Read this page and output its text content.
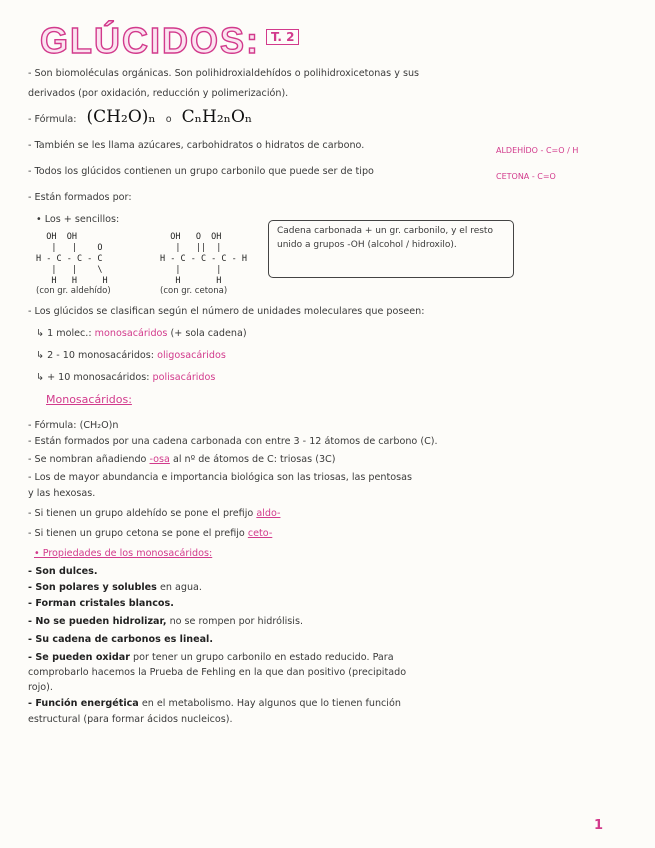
GLÚCIDOS: T. 2
- Son biomoléculas orgánicas. Son polihidroxialdehídos o polihidroxicetonas y sus
derivados (por oxidación, reducción y polimerización).
- Fórmula: (CH₂O)ₙ o CₙH₂ₙOₙ
- También se les llama azúcares, carbohidratos o hidratos de carbono.
- Todos los glúcidos contienen un grupo carbonilo que puede ser de tipo
ALDEHÍDO - C=O / H
CETONA - C=O
- Están formados por:
• Los + sencillos:
OH  OH
|   |    O
H - C - C - C
|   |    \
H   H     H
OH   O  OH
|   ||  |
H - C - C - C - H
|       |
H       H
(con gr. aldehído)	(con gr. cetona)
Cadena carbonada + un gr. carbonilo, y el resto unido a grupos -OH (alcohol / hidroxilo).
- Los glúcidos se clasifican según el número de unidades moleculares que poseen:
↳ 1 molec.: monosacáridos (+ sola cadena)
↳ 2 - 10 monosacáridos: oligosacáridos
↳ + 10 monosacáridos: polisacáridos
Monosacáridos:
- Fórmula: (CH₂O)n
- Están formados por una cadena carbonada con entre 3 - 12 átomos de carbono (C).
- Se nombran añadiendo -osa al nº de átomos de C: triosas (3C)
- Los de mayor abundancia e importancia biológica son las triosas, las pentosas
y las hexosas.
- Si tienen un grupo aldehído se pone el prefijo aldo-
- Si tienen un grupo cetona se pone el prefijo ceto-
• Propiedades de los monosacáridos:
- Son dulces.
- Son polares y solubles en agua.
- Forman cristales blancos.
- No se pueden hidrolizar, no se rompen por hidrólisis.
- Su cadena de carbonos es lineal.
- Se pueden oxidar por tener un grupo carbonilo en estado reducido. Para
comprobarlo hacemos la Prueba de Fehling en la que dan positivo (precipitado
rojo).
- Función energética en el metabolismo. Hay algunos que lo tienen función
estructural (para formar ácidos nucleicos).
1
